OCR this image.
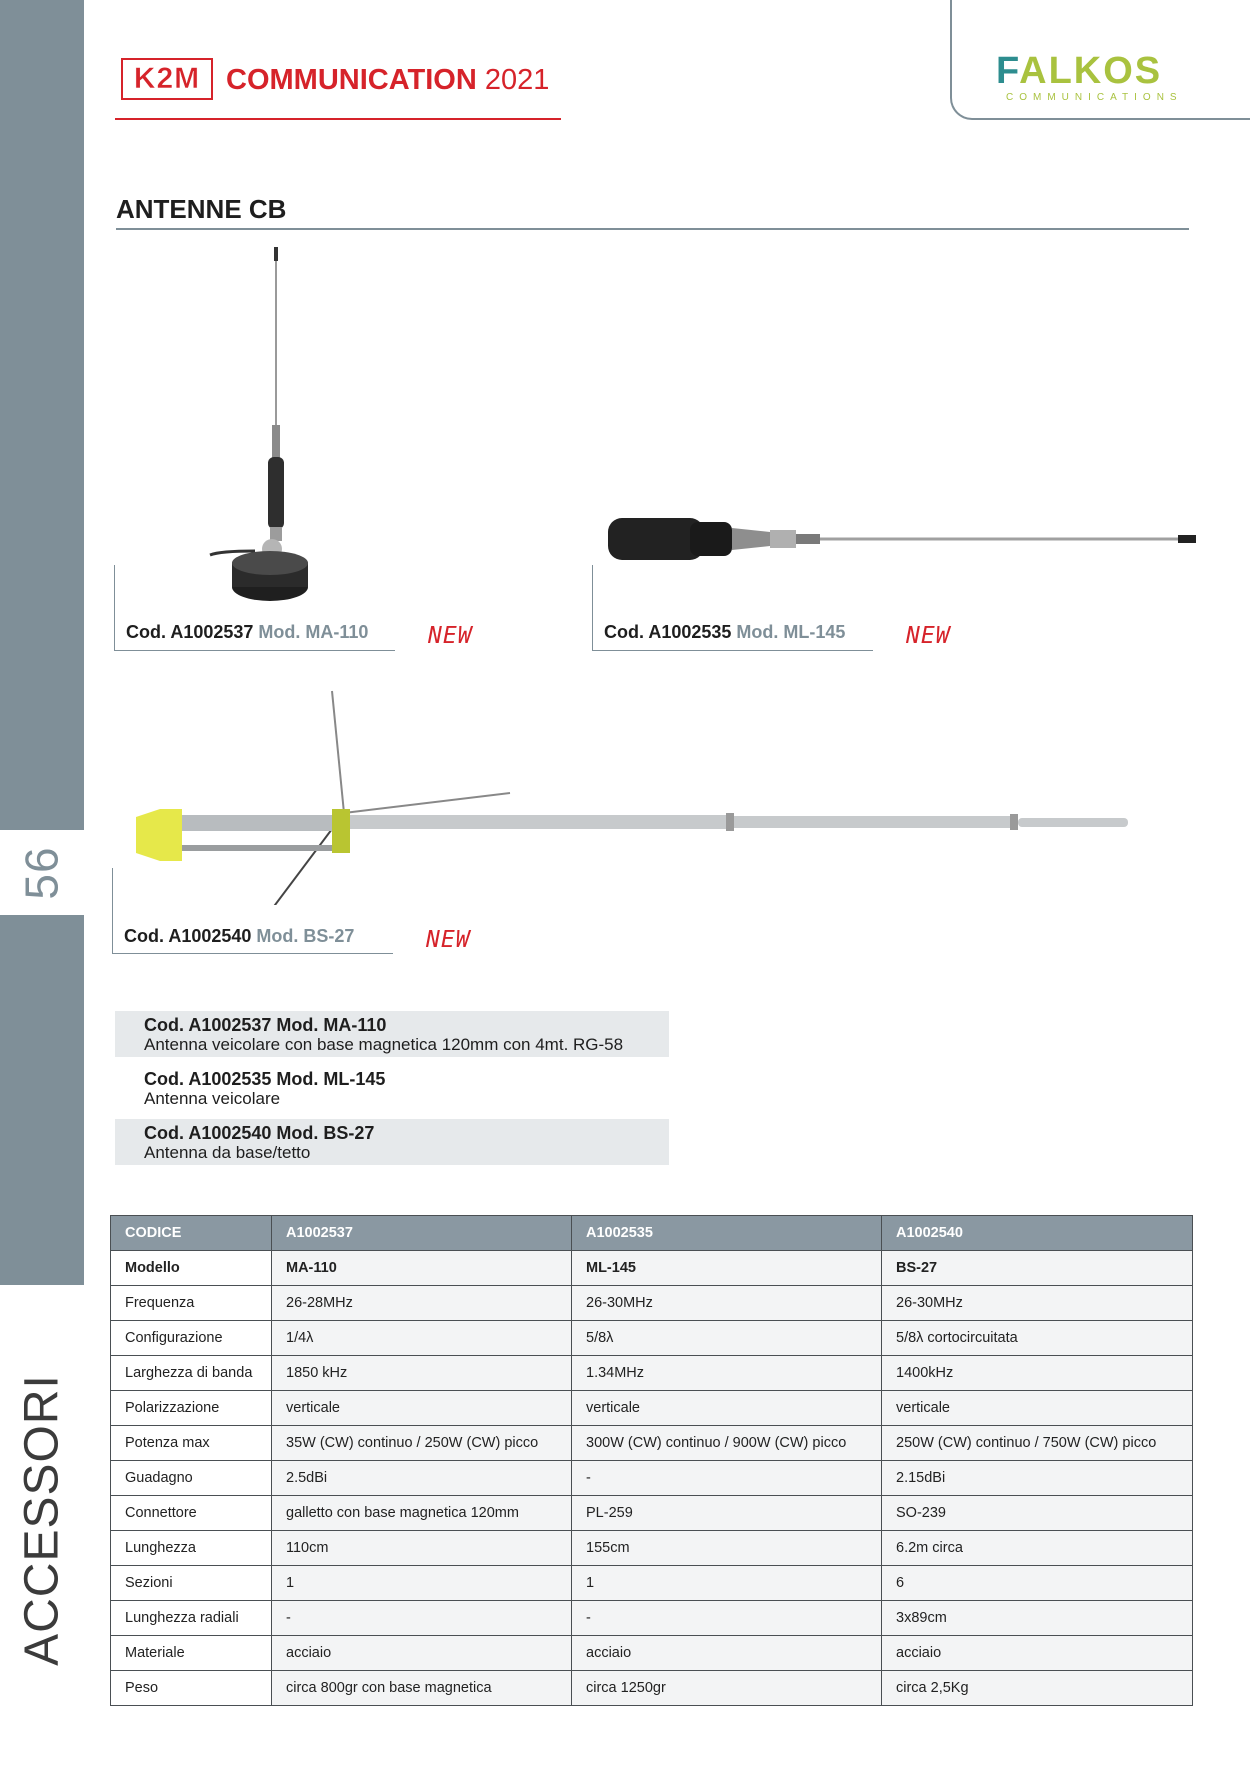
56
ACCESSORI
K2M COMMUNICATION 2021	FALKOS
COMMUNICATIONS
ANTENNE CB
Cod. A1002537 Mod. MA-110	NEW	Cod. A1002535 Mod. ML-145	NEW
Cod. A1002540 Mod. BS-27	NEW
Cod. A1002537 Mod. MA-110
Antenna veicolare con base magnetica 120mm con 4mt. RG-58
Cod. A1002535 Mod. ML-145
Antenna veicolare
Cod. A1002540 Mod. BS-27
Antenna da base/tetto
CODICE	A1002537	A1002535	A1002540
Modello	MA-110	ML-145	BS-27
Frequenza	26-28MHz	26-30MHz	26-30MHz
Configurazione	1/4λ	5/8λ	5/8λ cortocircuitata
Larghezza di banda	1850 kHz	1.34MHz	1400kHz
Polarizzazione	verticale	verticale	verticale
Potenza max	35W (CW) continuo / 250W (CW) picco	300W (CW) continuo / 900W (CW) picco	250W (CW) continuo / 750W (CW) picco
Guadagno	2.5dBi	-	2.15dBi
Connettore	galletto con base magnetica 120mm	PL-259	SO-239
Lunghezza	110cm	155cm	6.2m circa
Sezioni	1	1	6
Lunghezza radiali	-	-	3x89cm
Materiale	acciaio	acciaio	acciaio
Peso	circa 800gr con base magnetica	circa 1250gr	circa 2,5Kg
